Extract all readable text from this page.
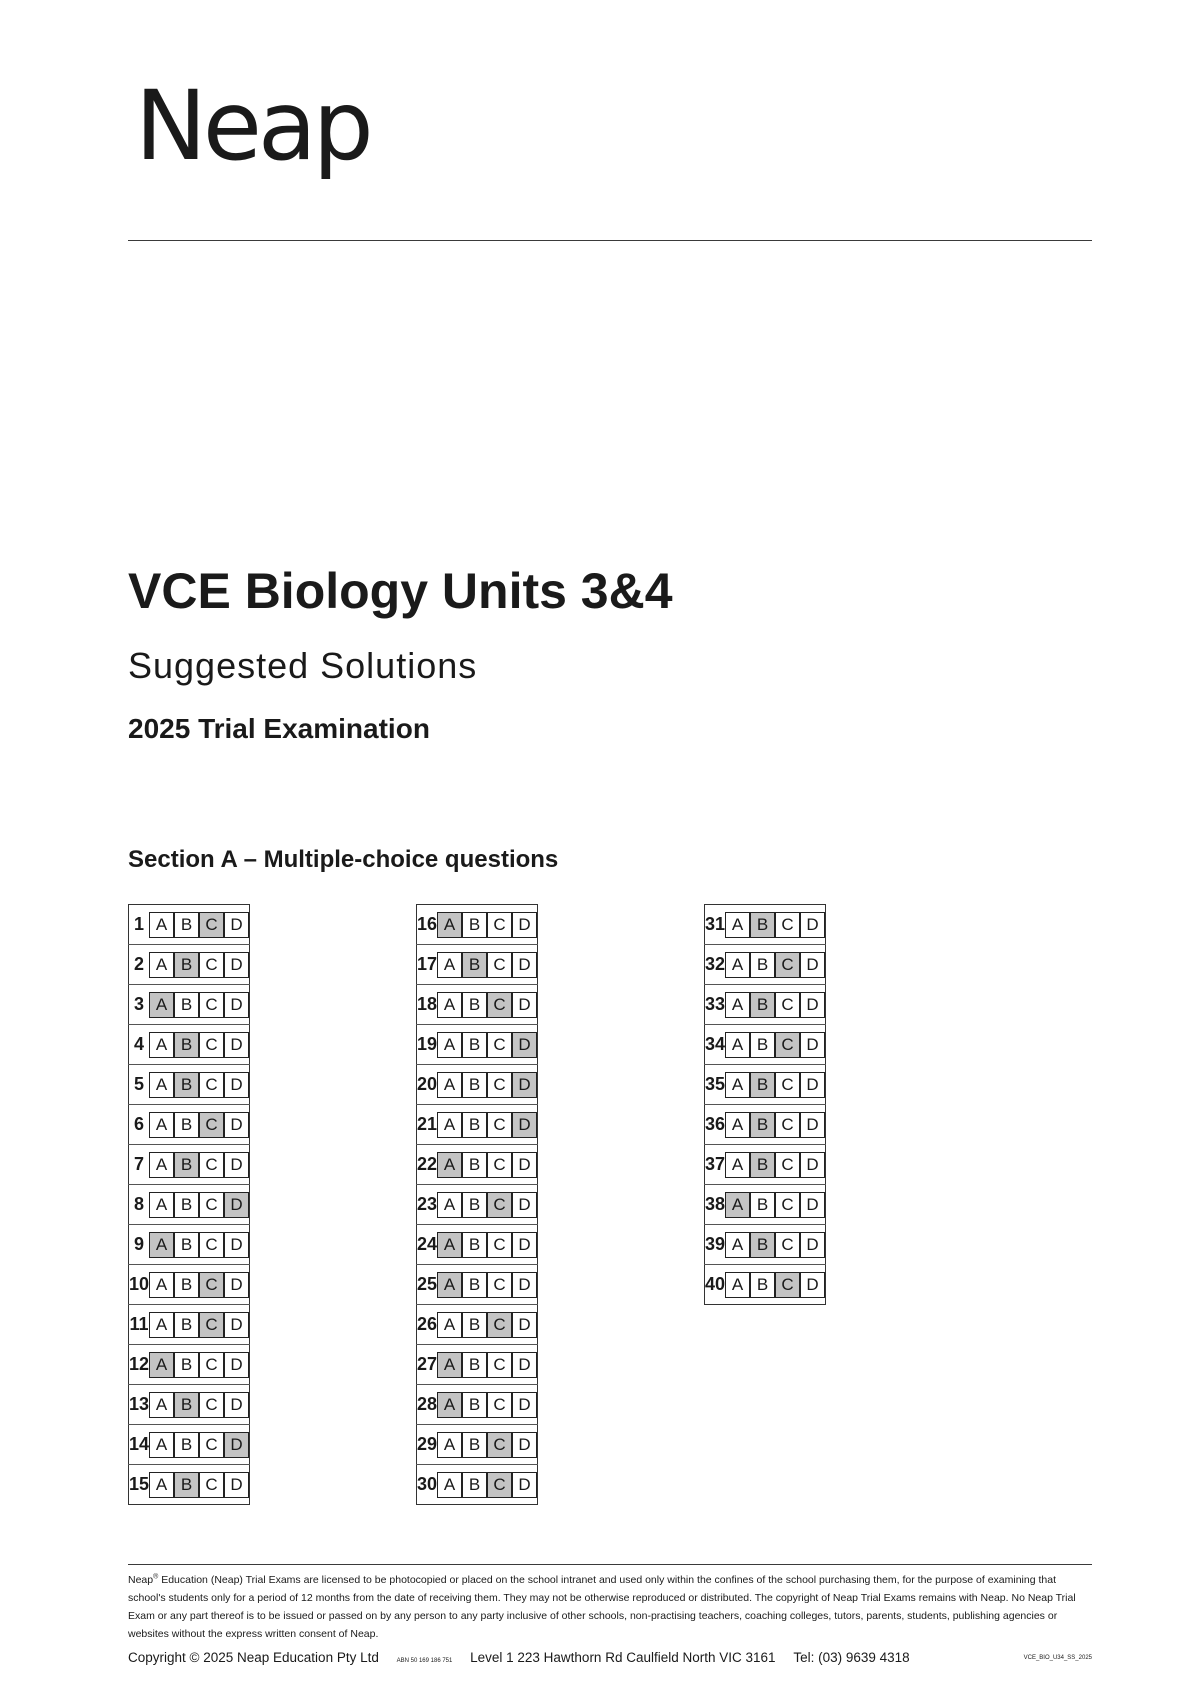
Neap
VCE Biology Units 3&4
Suggested Solutions
2025 Trial Examination
Section A – Multiple-choice questions
1	A	B	C	D
2	A	B	C	D
3	A	B	C	D
4	A	B	C	D
5	A	B	C	D
6	A	B	C	D
7	A	B	C	D
8	A	B	C	D
9	A	B	C	D
10	A	B	C	D
11	A	B	C	D
12	A	B	C	D
13	A	B	C	D
14	A	B	C	D
15	A	B	C	D
16	A	B	C	D
17	A	B	C	D
18	A	B	C	D
19	A	B	C	D
20	A	B	C	D
21	A	B	C	D
22	A	B	C	D
23	A	B	C	D
24	A	B	C	D
25	A	B	C	D
26	A	B	C	D
27	A	B	C	D
28	A	B	C	D
29	A	B	C	D
30	A	B	C	D
31	A	B	C	D
32	A	B	C	D
33	A	B	C	D
34	A	B	C	D
35	A	B	C	D
36	A	B	C	D
37	A	B	C	D
38	A	B	C	D
39	A	B	C	D
40	A	B	C	D

Neap® Education (Neap) Trial Exams are licensed to be photocopied or placed on the school intranet and used only within the confines of the school purchasing them, for the purpose of examining that school's students only for a period of 12 months from the date of receiving them. They may not be otherwise reproduced or distributed. The copyright of Neap Trial Exams remains with Neap. No Neap Trial Exam or any part thereof is to be issued or passed on by any person to any party inclusive of other schools, non-practising teachers, coaching colleges, tutors, parents, students, publishing agencies or websites without the express written consent of Neap.

Copyright © 2025 Neap Education Pty Ltd	ABN 50 169 186 751 Level 1 223 Hawthorn Rd Caulfield North VIC 3161 Tel: (03) 9639 4318	VCE_BIO_U34_SS_2025
